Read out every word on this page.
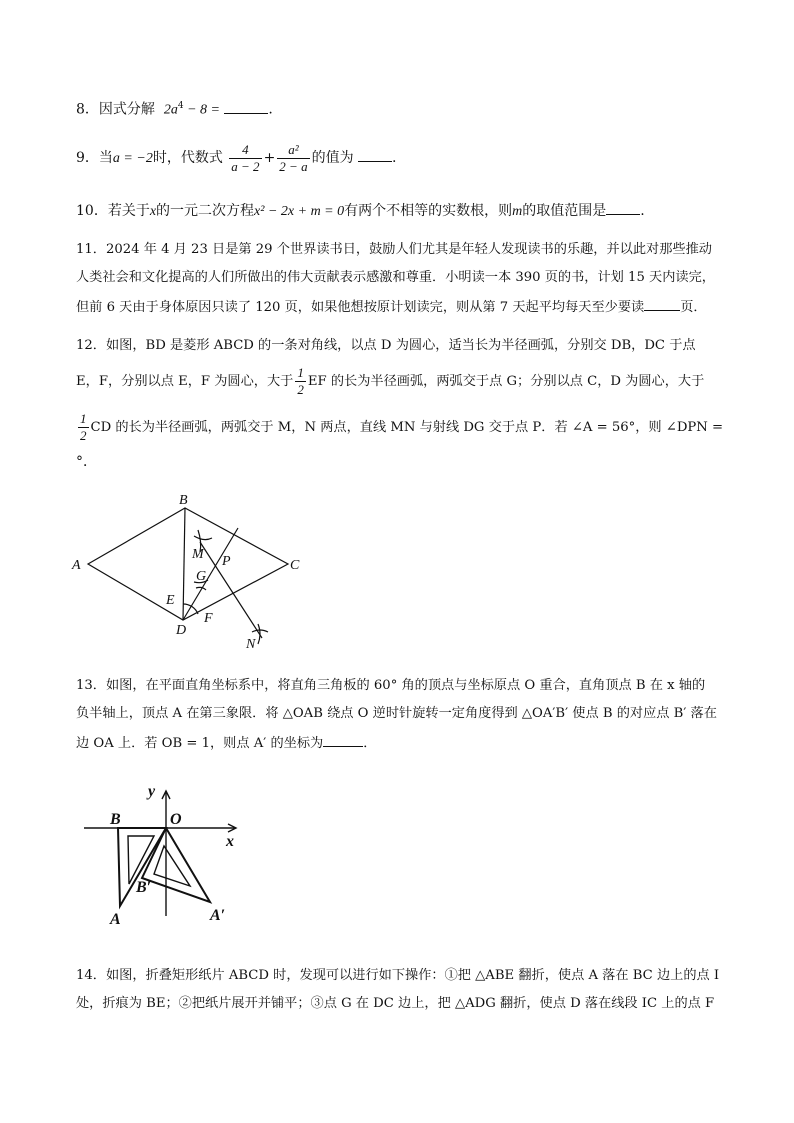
8．因式分解 $2a^4 - 8$ =	.
9．当a = −2时，代数式 $\frac{4}{a - 2} + \frac{\text{a²}}{2 - a}$ 的值为	.
10．若关于x的一元二次方程x² − 2x + m = 0有两个不相等的实数根，则m的取值范围是 .
11．2024 年 4 月 23 日是第 29 个世界读书日，鼓励人们尤其是年轻人发现读书的乐趣，并以此对那些推动
人类社会和文化提高的人们所做出的伟大贡献表示感激和尊重．小明读一本 390 页的书，计划 15 天内读完，
但前 6 天由于身体原因只读了 120 页，如果他想按原计划读完，则从第 7 天起平均每天至少要读	页．
12．如图，BD 是菱形 ABCD 的一条对角线，以点 D 为圆心，适当长为半径画弧，分别交 DB，DC 于点
E，F，分别以点 E，F 为圆心，大于 $\frac{1}{2}$ EF 的长为半径画弧，两弧交于点 G；分别以点 C，D 为圆心，大于
$\frac{1}{2}$ CD 的长为半径画弧，两弧交于 M，N 两点，直线 MN 与射线 DG 交于点 P．若 ∠A = 56°，则 ∠DPN =
°．
A
B
C
D
E
F
G
M P
N
13．如图，在平面直角坐标系中，将直角三角板的 60° 角的顶点与坐标原点 O 重合，直角顶点 B 在 x 轴的
负半轴上，顶点 A 在第三象限．将 △OAB 绕点 O 逆时针旋转一定角度得到 △OA′B′ 使点 B 的对应点 B′ 落在
边 OA 上．若 OB = 1，则点 A′ 的坐标为	．
y
x
O
B
A
B′
A′
14．如图，折叠矩形纸片 ABCD 时，发现可以进行如下操作：①把 △ABE 翻折，使点 A 落在 BC 边上的点 I
处，折痕为 BE；②把纸片展开并铺平；③点 G 在 DC 边上，把 △ADG 翻折，使点 D 落在线段 IC 上的点 F
